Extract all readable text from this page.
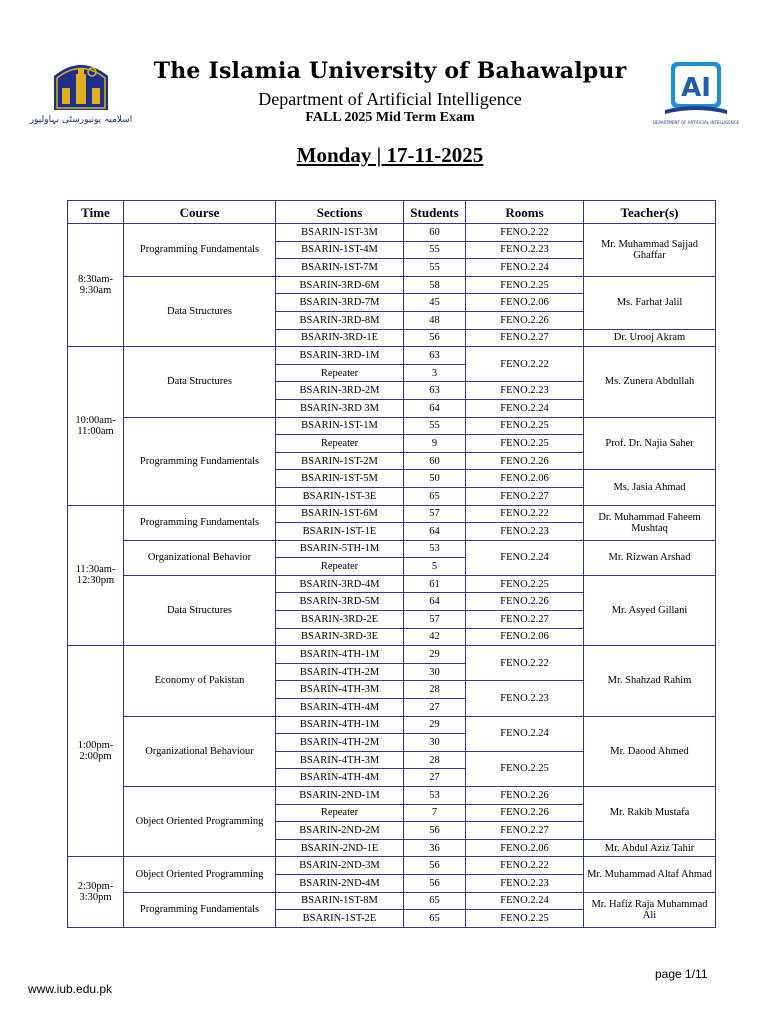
اسلامیہ یونیورسٹی بہاولپور
The Islamia University of Bahawalpur
Department of Artificial Intelligence
FALL 2025 Mid Term Exam
AI
DEPARTMENT OF ARTIFICIAL INTELLIGENCE
Monday | 17-11-2025
Time	Course	Sections	Students	Rooms	Teacher(s)
8:30am-
9:30am	Programming Fundamentals	BSARIN-1ST-3M	60	FENO.2.22	Mr. Muhammad Sajjad Ghaffar
		BSARIN-1ST-4M	55	FENO.2.23	
		BSARIN-1ST-7M	55	FENO.2.24	
	Data Structures	BSARIN-3RD-6M	58	FENO.2.25	Ms. Farhat Jalil
		BSARIN-3RD-7M	45	FENO.2.06	
		BSARIN-3RD-8M	48	FENO.2.26	
		BSARIN-3RD-1E	56	FENO.2.27	Dr. Urooj Akram
10:00am-
11:00am	Data Structures	BSARIN-3RD-1M	63	FENO.2.22	Ms. Zunera Abdullah
		Repeater	3		
		BSARIN-3RD-2M	63	FENO.2.23	
		BSARIN-3RD 3M	64	FENO.2.24	
	Programming Fundamentals	BSARIN-1ST-1M	55	FENO.2.25	Prof. Dr. Najia Saher
		Repeater	9	FENO.2.25	
		BSARIN-1ST-2M	60	FENO.2.26	
		BSARIN-1ST-5M	50	FENO.2.06	Ms. Jasia Ahmad
		BSARIN-1ST-3E	65	FENO.2.27	
11:30am-
12:30pm	Programming Fundamentals	BSARIN-1ST-6M	57	FENO.2.22	Dr. Muhammad Faheem Mushtaq
		BSARIN-1ST-1E	64	FENO.2.23	
	Organizational Behavior	BSARIN-5TH-1M	53	FENO.2.24	Mr. Rizwan Arshad
		Repeater	5		
	Data Structures	BSARIN-3RD-4M	61	FENO.2.25	Mr. Asyed Gillani
		BSARIN-3RD-5M	64	FENO.2.26	
		BSARIN-3RD-2E	57	FENO.2.27	
		BSARIN-3RD-3E	42	FENO.2.06	
1:00pm-
2:00pm	Economy of Pakistan	BSARIN-4TH-1M	29	FENO.2.22	Mr. Shahzad Rahim
		BSARIN-4TH-2M	30		
		BSARIN-4TH-3M	28	FENO.2.23	
		BSARIN-4TH-4M	27		
	Organizational Behaviour	BSARIN-4TH-1M	29	FENO.2.24	Mr. Daood Ahmed
		BSARIN-4TH-2M	30		
		BSARIN-4TH-3M	28	FENO.2.25	
		BSARIN-4TH-4M	27		
	Object Oriented Programming	BSARIN-2ND-1M	53	FENO.2.26	Mr. Rakib Mustafa
		Repeater	7	FENO.2.26	
		BSARIN-2ND-2M	56	FENO.2.27	
		BSARIN-2ND-1E	36	FENO.2.06	Mr. Abdul Aziz Tahir
2:30pm-
3:30pm	Object Oriented Programming	BSARIN-2ND-3M	56	FENO.2.22	Mr. Muhammad Altaf Ahmad
		BSARIN-2ND-4M	56	FENO.2.23	
	Programming Fundamentals	BSARIN-1ST-8M	65	FENO.2.24	Mr. Hafiz Raja Muhammad Ali
		BSARIN-1ST-2E	65	FENO.2.25	
www.iub.edu.pk
page 1/11
